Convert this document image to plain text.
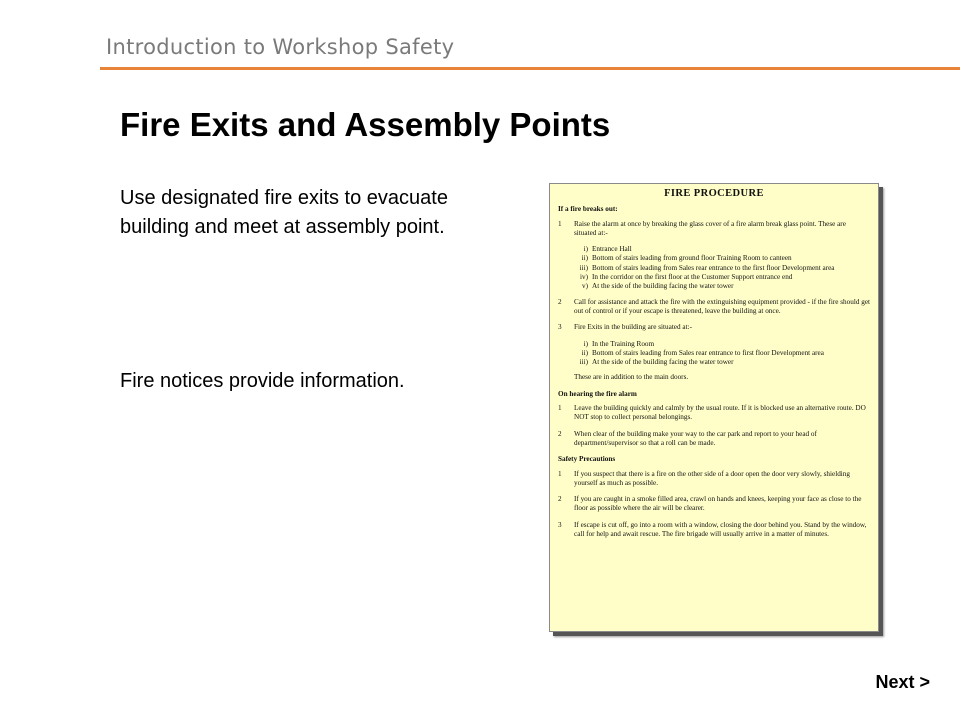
Introduction to Workshop Safety
Fire Exits and Assembly Points
Use designated fire exits to evacuate building and meet at assembly point.
Fire notices provide information.
FIRE PROCEDURE
If a fire breaks out:
1	Raise the alarm at once by breaking the glass cover of a fire alarm break glass point. These are situated at:-
i) Entrance Hall
ii) Bottom of stairs leading from ground floor Training Room to canteen
iii) Bottom of stairs leading from Sales rear entrance to the first floor Development area
iv) In the corridor on the first floor at the Customer Support entrance end
v) At the side of the building facing the water tower
2	Call for assistance and attack the fire with the extinguishing equipment provided - if the fire should get out of control or if your escape is threatened, leave the building at once.
3	Fire Exits in the building are situated at:-
i) In the Training Room
ii) Bottom of stairs leading from Sales rear entrance to first floor Development area
iii) At the side of the building facing the water tower
These are in addition to the main doors.
On hearing the fire alarm
1	Leave the building quickly and calmly by the usual route. If it is blocked use an alternative route. DO NOT stop to collect personal belongings.
2	When clear of the building make your way to the car park and report to your head of department/supervisor so that a roll can be made.
Safety Precautions
1	If you suspect that there is a fire on the other side of a door open the door very slowly, shielding yourself as much as possible.
2	If you are caught in a smoke filled area, crawl on hands and knees, keeping your face as close to the floor as possible where the air will be clearer.
3	If escape is cut off, go into a room with a window, closing the door behind you. Stand by the window, call for help and await rescue. The fire brigade will usually arrive in a matter of minutes.
Next >
